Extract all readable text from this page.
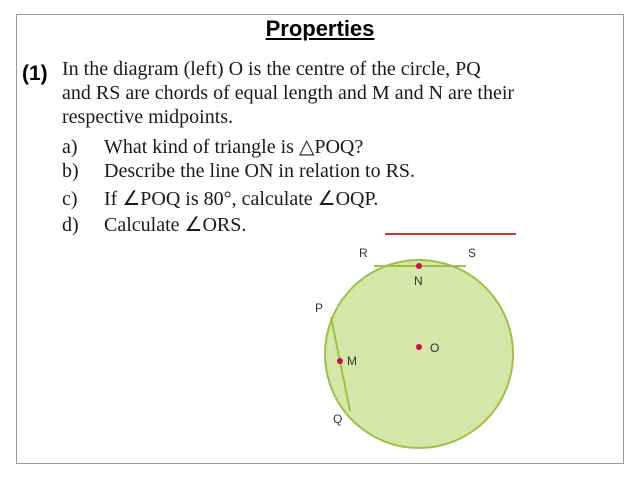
Properties
(1) In the diagram (left) O is the centre of the circle, PQ
and RS are chords of equal length and M and N are their
respective midpoints.
a) What kind of triangle is △POQ?
b) Describe the line ON in relation to RS.
c) If ∠POQ is 80°, calculate ∠OQP.
d) Calculate ∠ORS.
R	S
N
P
M
O
Q
